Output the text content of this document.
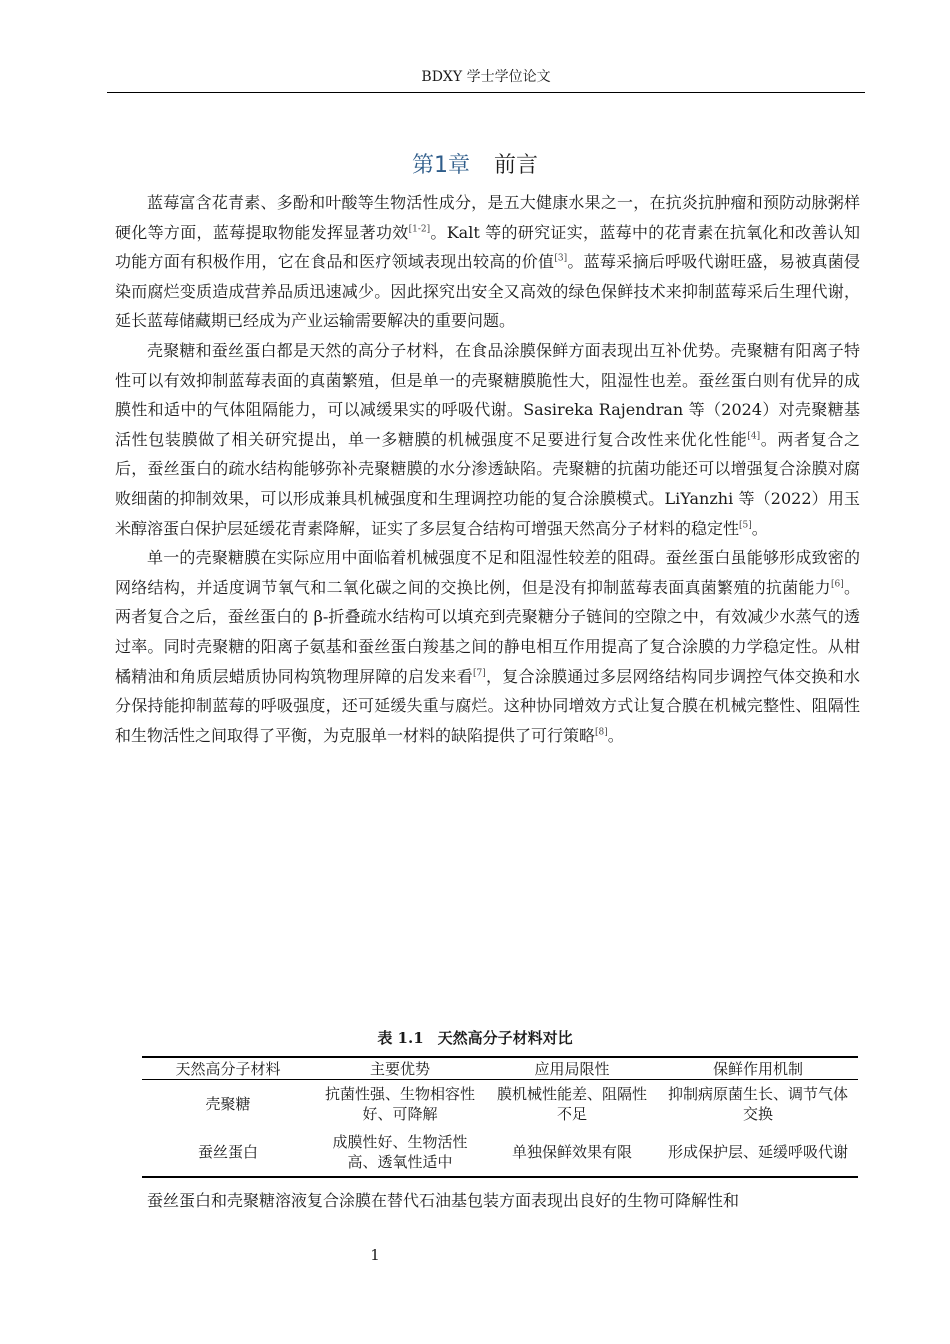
BDXY 学士学位论文
第1章 前言

蓝莓富含花青素、多酚和叶酸等生物活性成分，是五大健康水果之一，在抗炎抗肿瘤和预防动脉粥样硬化等方面，蓝莓提取物能发挥显著功效[1-2]。Kalt 等的研究证实，蓝莓中的花青素在抗氧化和改善认知功能方面有积极作用，它在食品和医疗领域表现出较高的价值[3]。蓝莓采摘后呼吸代谢旺盛，易被真菌侵染而腐烂变质造成营养品质迅速减少。因此探究出安全又高效的绿色保鲜技术来抑制蓝莓采后生理代谢，延长蓝莓储藏期已经成为产业运输需要解决的重要问题。

壳聚糖和蚕丝蛋白都是天然的高分子材料，在食品涂膜保鲜方面表现出互补优势。壳聚糖有阳离子特性可以有效抑制蓝莓表面的真菌繁殖，但是单一的壳聚糖膜脆性大，阻湿性也差。蚕丝蛋白则有优异的成膜性和适中的气体阻隔能力，可以减缓果实的呼吸代谢。Sasireka Rajendran 等（2024）对壳聚糖基活性包装膜做了相关研究提出，单一多糖膜的机械强度不足要进行复合改性来优化性能[4]。两者复合之后，蚕丝蛋白的疏水结构能够弥补壳聚糖膜的水分渗透缺陷。壳聚糖的抗菌功能还可以增强复合涂膜对腐败细菌的抑制效果，可以形成兼具机械强度和生理调控功能的复合涂膜模式。LiYanzhi 等（2022）用玉米醇溶蛋白保护层延缓花青素降解，证实了多层复合结构可增强天然高分子材料的稳定性[5]。

单一的壳聚糖膜在实际应用中面临着机械强度不足和阻湿性较差的阻碍。蚕丝蛋白虽能够形成致密的网络结构，并适度调节氧气和二氧化碳之间的交换比例，但是没有抑制蓝莓表面真菌繁殖的抗菌能力[6]。两者复合之后，蚕丝蛋白的 β-折叠疏水结构可以填充到壳聚糖分子链间的空隙之中，有效减少水蒸气的透过率。同时壳聚糖的阳离子氨基和蚕丝蛋白羧基之间的静电相互作用提高了复合涂膜的力学稳定性。从柑橘精油和角质层蜡质协同构筑物理屏障的启发来看[7]，复合涂膜通过多层网络结构同步调控气体交换和水分保持能抑制蓝莓的呼吸强度，还可延缓失重与腐烂。这种协同增效方式让复合膜在机械完整性、阻隔性和生物活性之间取得了平衡，为克服单一材料的缺陷提供了可行策略[8]。

表 1.1 天然高分子材料对比
天然高分子材料	主要优势	应用局限性	保鲜作用机制
壳聚糖	抗菌性强、生物相容性好、可降解	膜机械性能差、阻隔性不足	抑制病原菌生长、调节气体交换
蚕丝蛋白	成膜性好、生物活性高、透氧性适中	单独保鲜效果有限	形成保护层、延缓呼吸代谢
蚕丝蛋白和壳聚糖溶液复合涂膜在替代石油基包装方面表现出良好的生物可降解性和
1
